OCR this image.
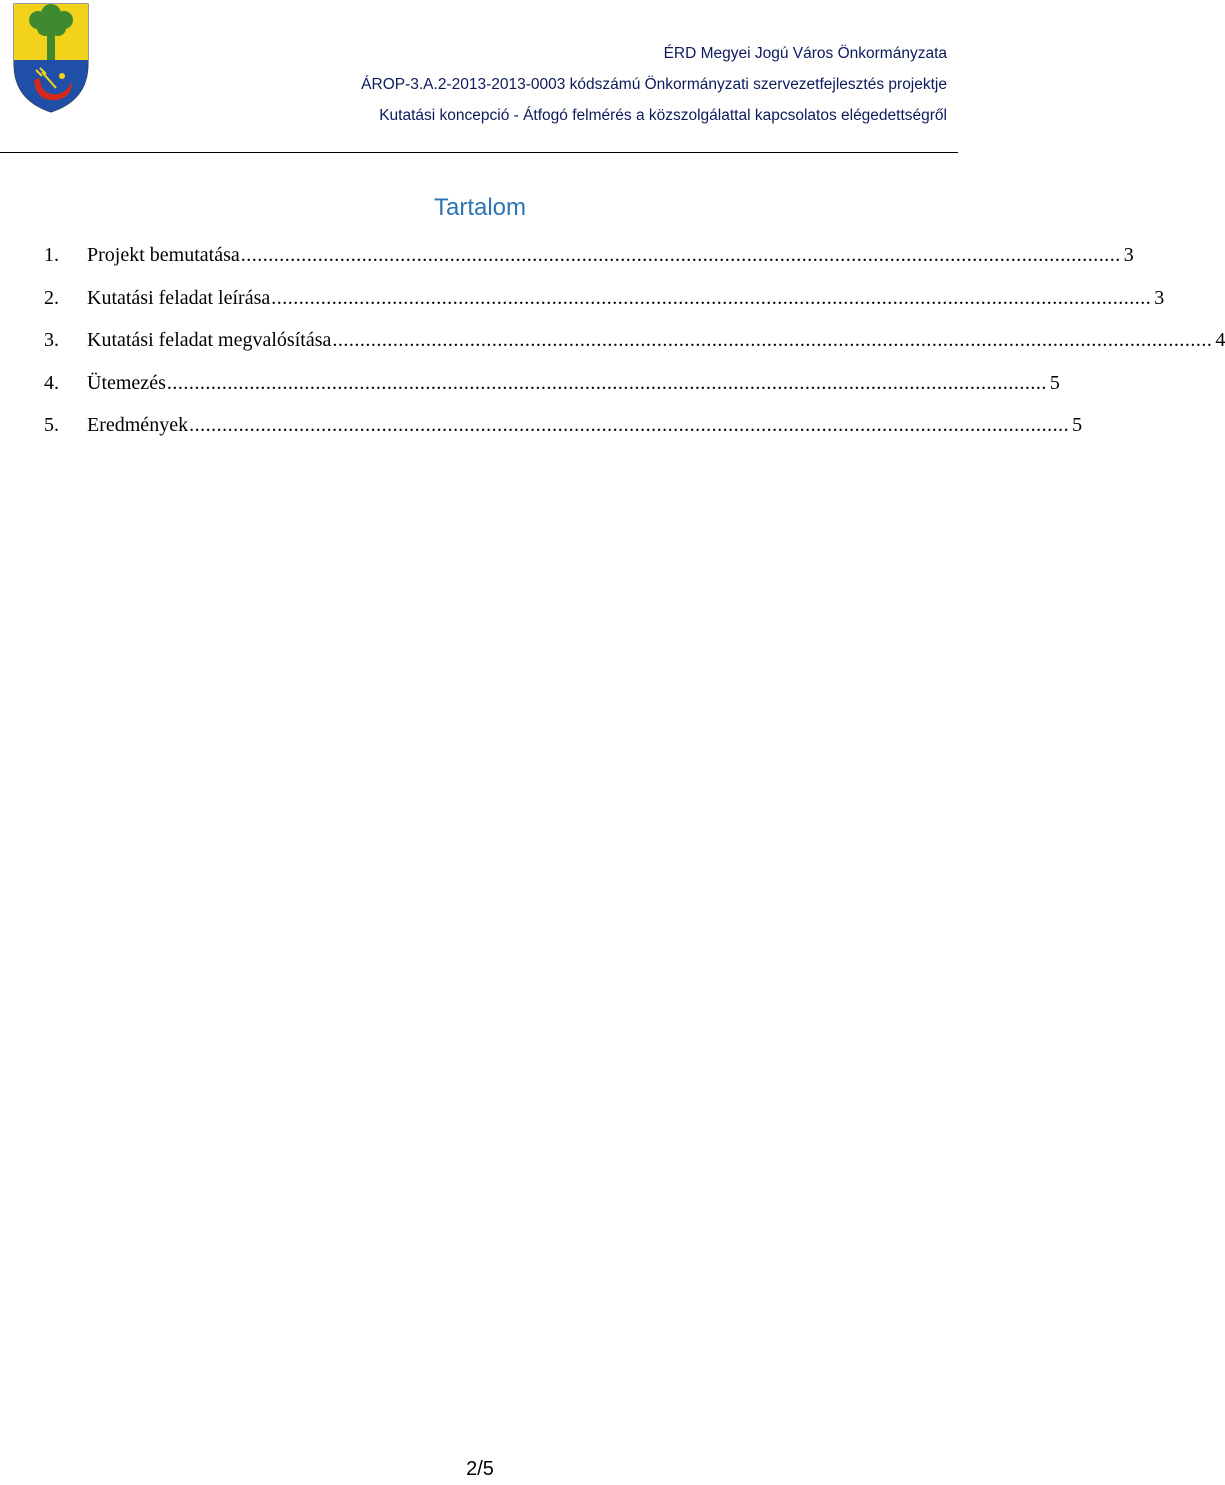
ÉRD Megyei Jogú Város Önkormányzata
ÁROP-3.A.2-2013-2013-0003 kódszámú Önkormányzati szervezetfejlesztés projektje
Kutatási koncepció - Átfogó felmérés a közszolgálattal kapcsolatos elégedettségről
Tartalom
1.	Projekt bemutatása ................................................................................................................................................................ 3
2.	Kutatási feladat leírása ................................................................................................................................................................ 3
3.	Kutatási feladat megvalósítása ................................................................................................................................................................ 4
4.	Ütemezés ................................................................................................................................................................ 5
5.	Eredmények ................................................................................................................................................................ 5
2/5
